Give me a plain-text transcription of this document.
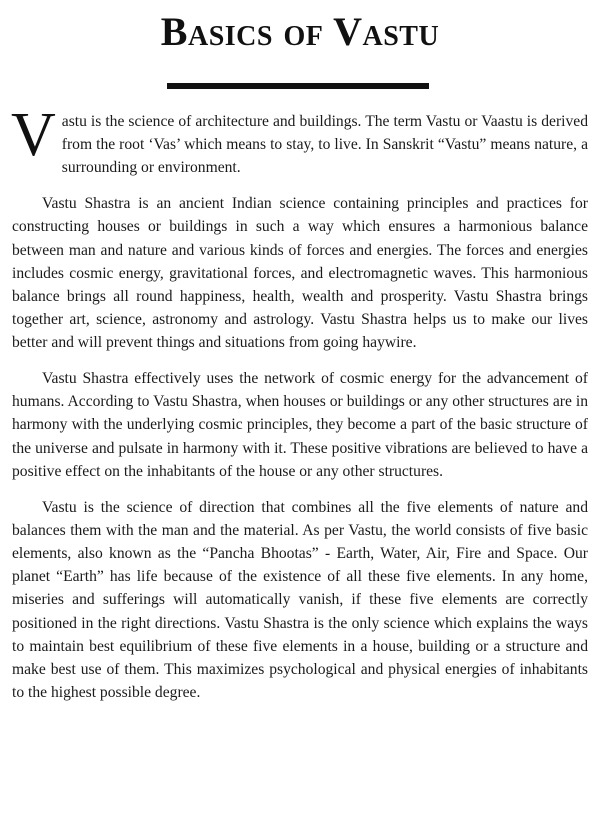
Basics of Vastu

Vastu is the science of architecture and buildings. The term Vastu or Vaastu is derived from the root ‘Vas’ which means to stay, to live. In Sanskrit “Vastu” means nature, a surrounding or environment.

Vastu Shastra is an ancient Indian science containing principles and practices for constructing houses or buildings in such a way which ensures a harmonious balance between man and nature and various kinds of forces and energies. The forces and energies includes cosmic energy, gravitational forces, and electromagnetic waves. This harmonious balance brings all round happiness, health, wealth and prosperity. Vastu Shastra brings together art, science, astronomy and astrology. Vastu Shastra helps us to make our lives better and will prevent things and situations from going haywire.

Vastu Shastra effectively uses the network of cosmic energy for the advancement of humans. According to Vastu Shastra, when houses or buildings or any other structures are in harmony with the underlying cosmic principles, they become a part of the basic structure of the universe and pulsate in harmony with it. These positive vibrations are believed to have a positive effect on the inhabitants of the house or any other structures.

Vastu is the science of direction that combines all the five elements of nature and balances them with the man and the material. As per Vastu, the world consists of five basic elements, also known as the “Pancha Bhootas” - Earth, Water, Air, Fire and Space. Our planet “Earth” has life because of the existence of all these five elements. In any home, miseries and sufferings will automatically vanish, if these five elements are correctly positioned in the right directions. Vastu Shastra is the only science which explains the ways to maintain best equilibrium of these five elements in a house, building or a structure and make best use of them. This maximizes psychological and physical energies of inhabitants to the highest possible degree.
